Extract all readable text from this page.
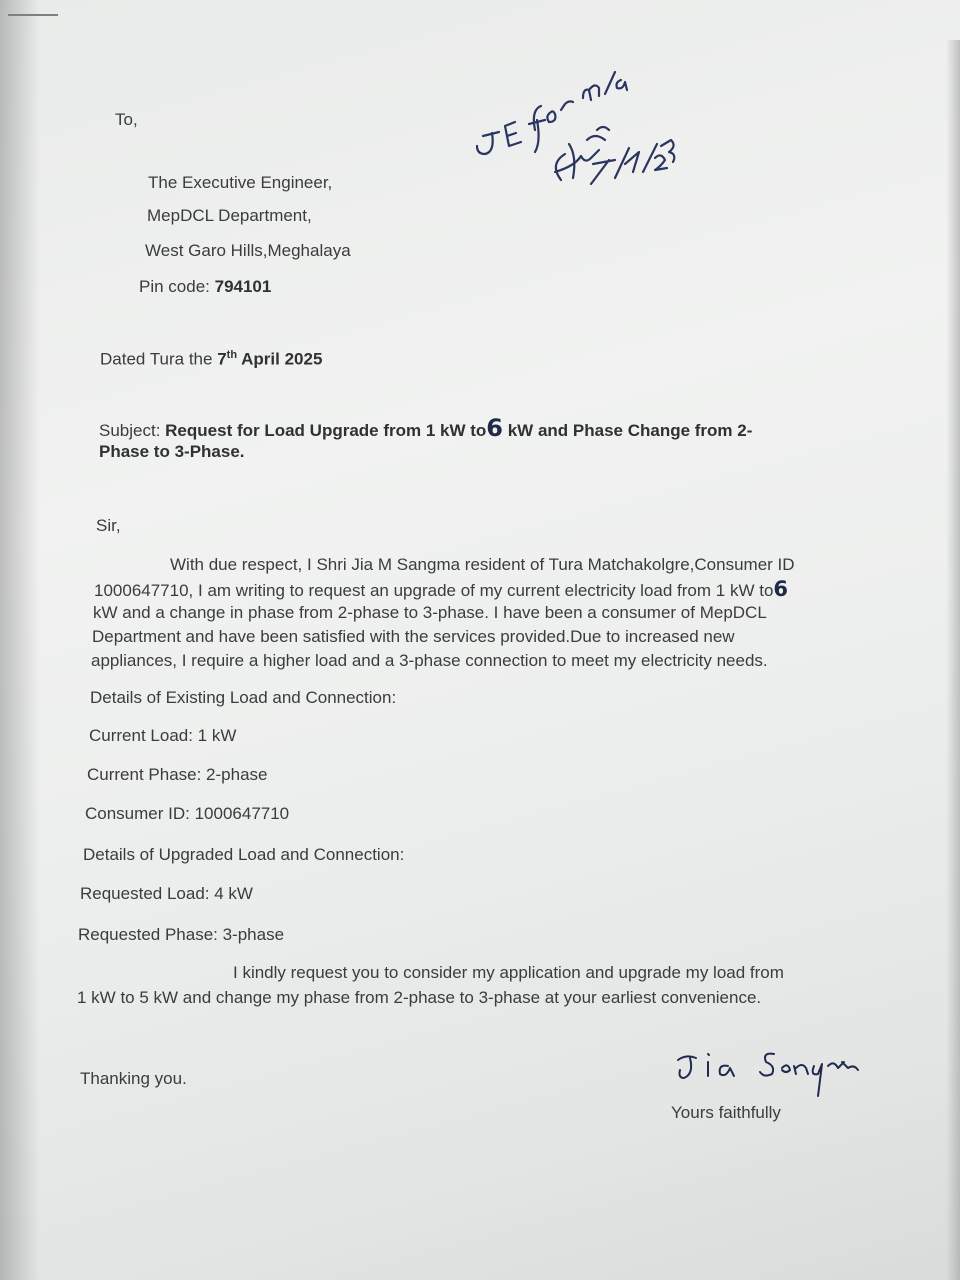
To,
The Executive Engineer,
MepDCL Department,
West Garo Hills,Meghalaya
Pin code: 794101
Dated Tura the 7th April 2025
Subject: Request for Load Upgrade from 1 kW to6 kW and Phase Change from 2-
Phase to 3-Phase.
Sir,
With due respect, I Shri Jia M Sangma resident of Tura Matchakolgre,Consumer ID
1000647710, I am writing to request an upgrade of my current electricity load from 1 kW to6
kW and a change in phase from 2-phase to 3-phase. I have been a consumer of MepDCL
Department and have been satisfied with the services provided.Due to increased new
appliances, I require a higher load and a 3-phase connection to meet my electricity needs.
Details of Existing Load and Connection:
Current Load: 1 kW
Current Phase: 2-phase
Consumer ID: 1000647710
Details of Upgraded Load and Connection:
Requested Load: 4 kW
Requested Phase: 3-phase
I kindly request you to consider my application and upgrade my load from
1 kW to 5 kW and change my phase from 2-phase to 3-phase at your earliest convenience.
Thanking you.
Yours faithfully
